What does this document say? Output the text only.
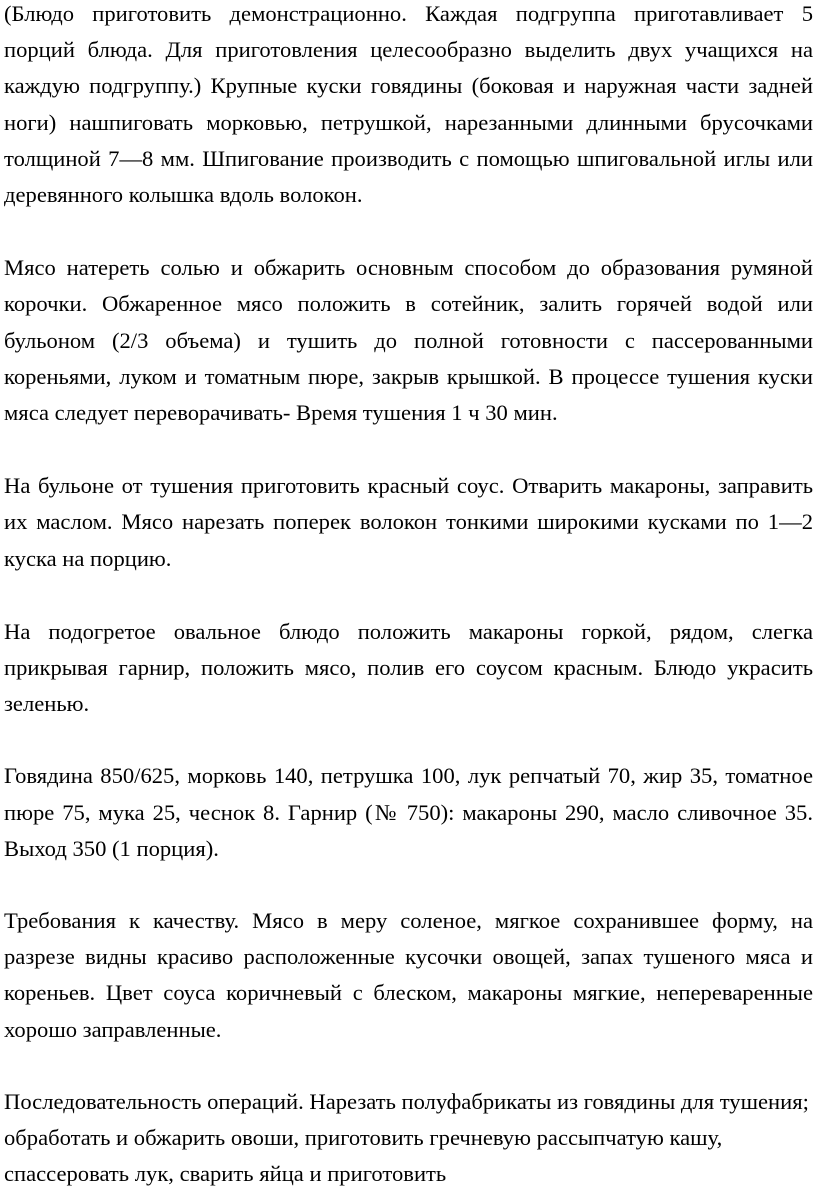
(Блюдо приготовить демонстрационно. Каждая подгруппа приготавливает 5 порций блюда. Для приготовления целесообразно выделить двух учащихся на каждую подгруппу.) Крупные куски говядины (боковая и наружная части задней ноги) нашпиговать морковью, петрушкой, нарезанными длинными брусочками толщиной 7—8 мм. Шпигование производить с помощью шпиговальной иглы или деревянного колышка вдоль волокон.

Мясо натереть солью и обжарить основным способом до образования румяной корочки. Обжаренное мясо положить в сотейник, залить горячей водой или бульоном (2/3 объема) и тушить до полной готовности с пассерованными кореньями, луком и томатным пюре, закрыв крышкой. В процессе тушения куски мяса следует переворачивать- Время тушения 1 ч 30 мин.

На бульоне от тушения приготовить красный соус. Отварить макароны, заправить их маслом. Мясо нарезать поперек волокон тонкими широкими кусками по 1—2 куска на порцию.

На подогретое овальное блюдо положить макароны горкой, рядом, слегка прикрывая гарнир, положить мясо, полив его соусом красным. Блюдо украсить зеленью.

Говядина 850/625, морковь 140, петрушка 100, лук репчатый 70, жир 35, томатное пюре 75, мука 25, чеснок 8. Гарнир (№ 750): макароны 290, масло сливочное 35. Выход 350 (1 порция).

Требования к качеству. Мясо в меру соленое, мягкое сохранившее форму, на разрезе видны красиво расположенные кусочки овощей, запах тушеного мяса и кореньев. Цвет соуса коричневый с блеском, макароны мягкие, непереваренные хорошо заправленные.

Последовательность операций. Нарезать полуфабрикаты из говядины для тушения; обработать и обжарить овоши, приготовить гречневую рассыпчатую кашу, спассеровать лук, сварить яйца и приготовить
